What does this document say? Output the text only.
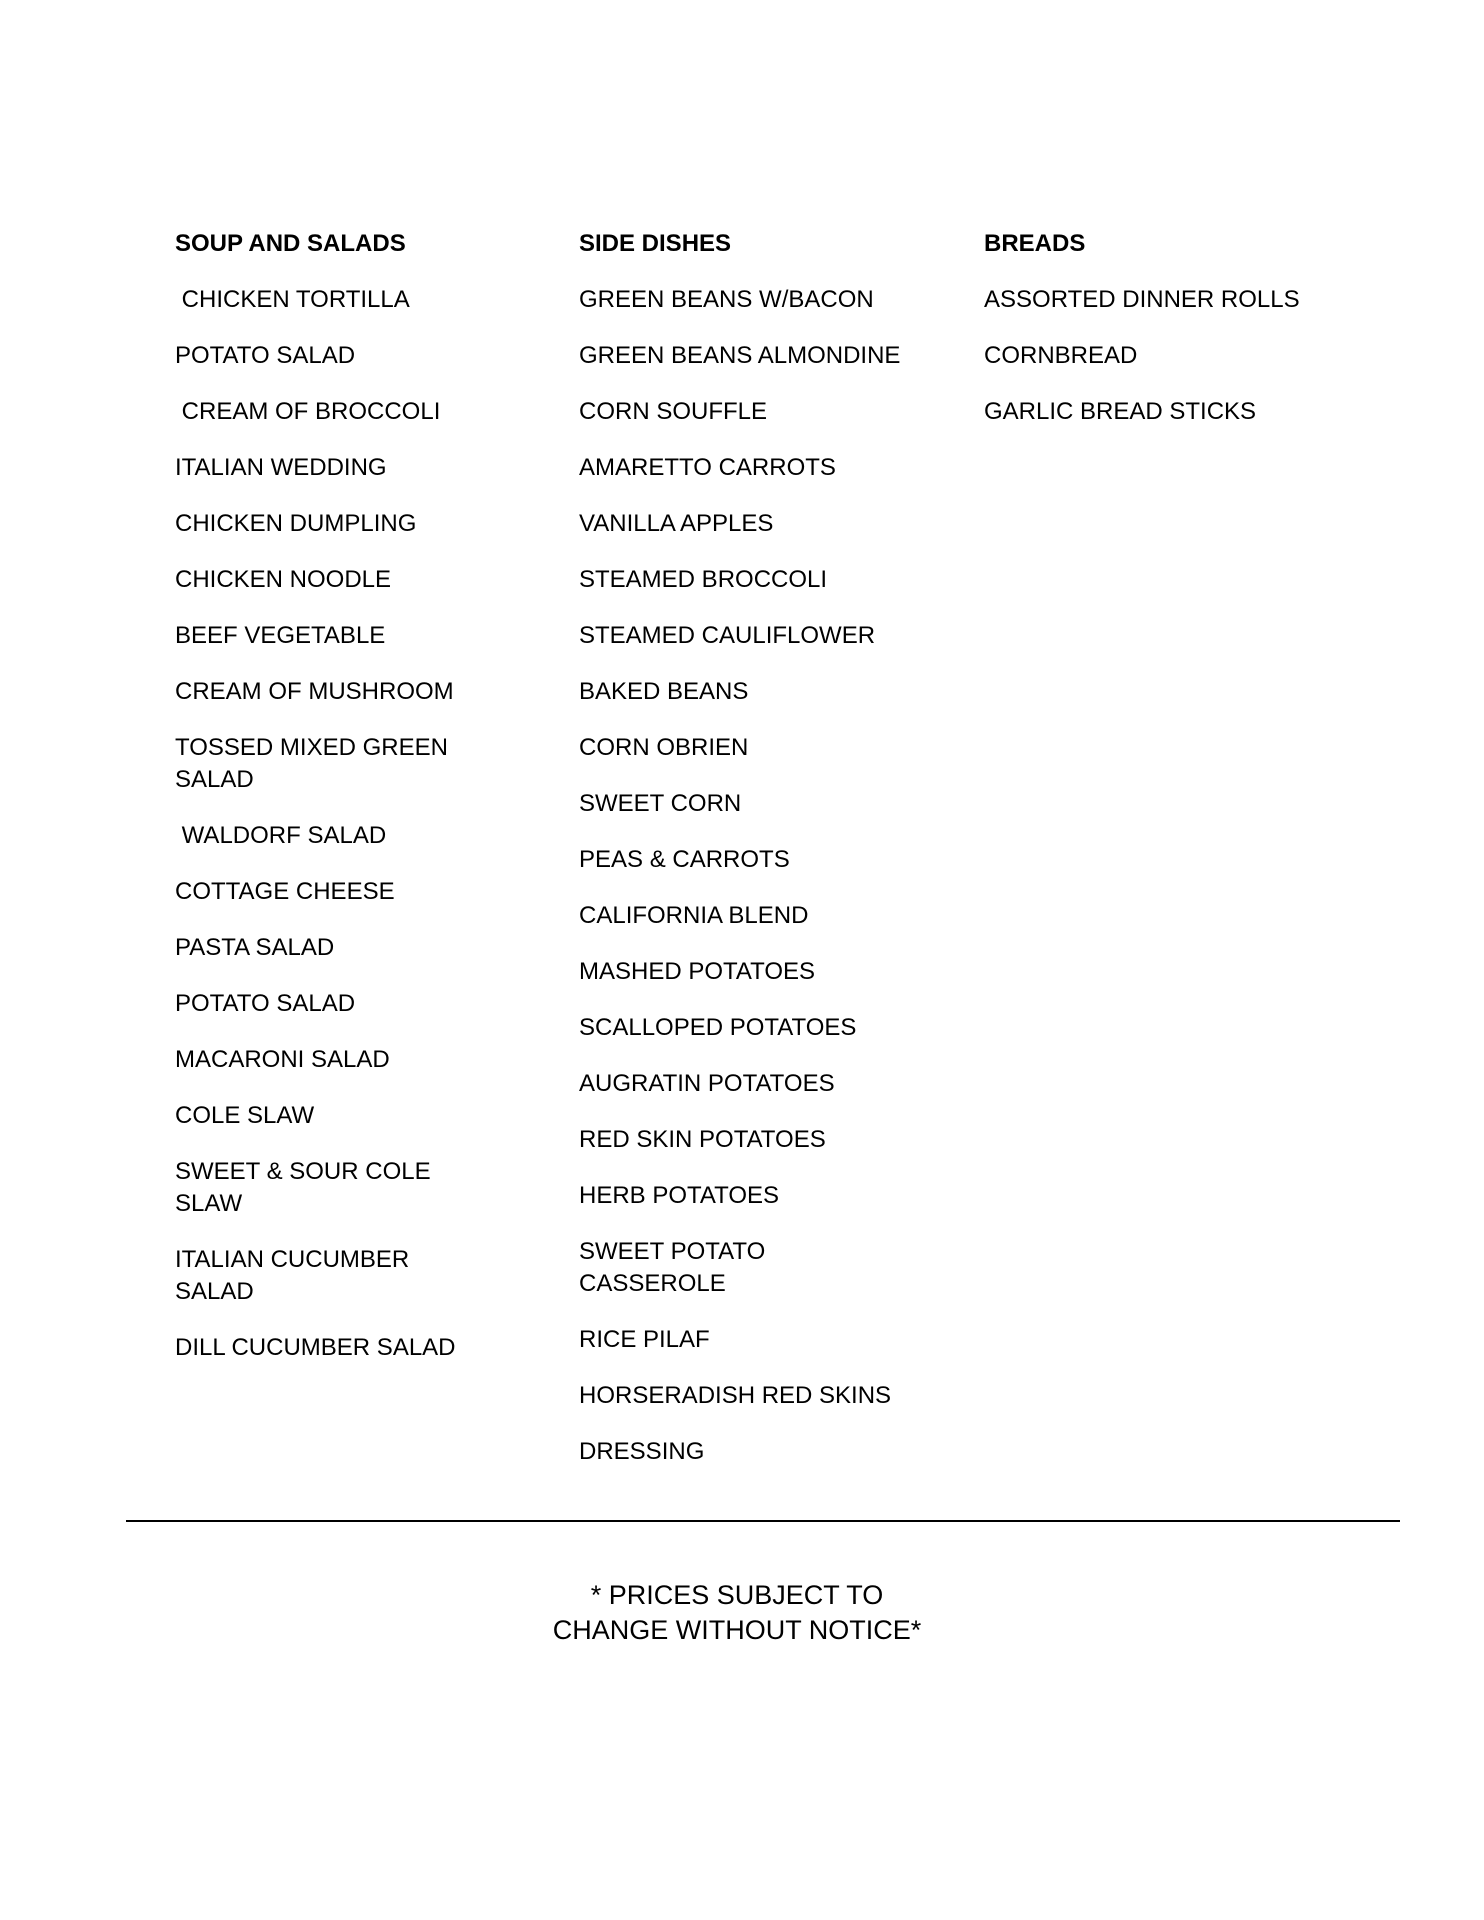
SOUP AND SALADS
CHICKEN TORTILLA
POTATO SALAD
CREAM OF BROCCOLI
ITALIAN WEDDING
CHICKEN DUMPLING
CHICKEN NOODLE
BEEF VEGETABLE
CREAM OF MUSHROOM
TOSSED MIXED GREEN SALAD
WALDORF SALAD
COTTAGE CHEESE
PASTA SALAD
POTATO SALAD
MACARONI SALAD
COLE SLAW
SWEET & SOUR COLE SLAW
ITALIAN CUCUMBER SALAD
DILL CUCUMBER SALAD
SIDE DISHES
GREEN BEANS W/BACON
GREEN BEANS ALMONDINE
CORN SOUFFLE
AMARETTO CARROTS
VANILLA APPLES
STEAMED BROCCOLI
STEAMED CAULIFLOWER
BAKED BEANS
CORN OBRIEN
SWEET CORN
PEAS & CARROTS
CALIFORNIA BLEND
MASHED POTATOES
SCALLOPED POTATOES
AUGRATIN POTATOES
RED SKIN POTATOES
HERB POTATOES
SWEET POTATO CASSEROLE
RICE PILAF
HORSERADISH RED SKINS
DRESSING
BREADS
ASSORTED DINNER ROLLS
CORNBREAD
GARLIC BREAD STICKS

* PRICES SUBJECT TO CHANGE WITHOUT NOTICE*
